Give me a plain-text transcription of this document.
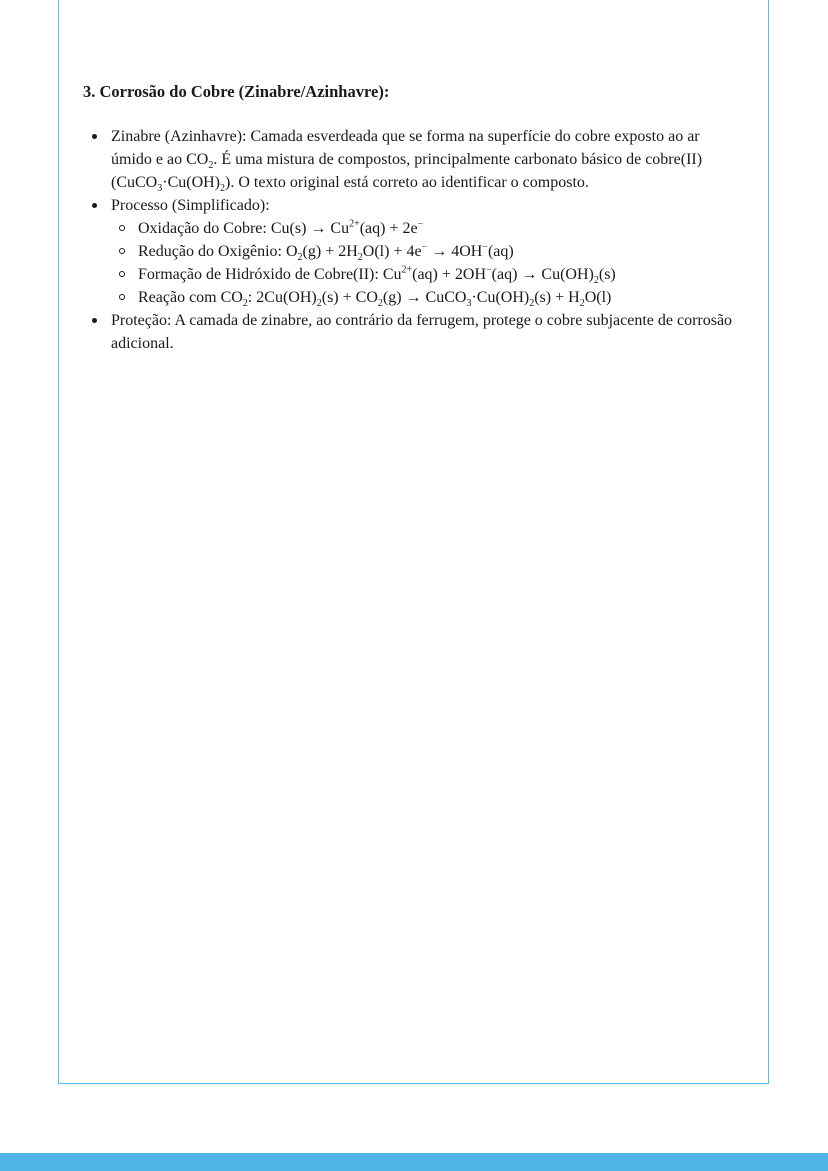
3. Corrosão do Cobre (Zinabre/Azinhavre):
Zinabre (Azinhavre): Camada esverdeada que se forma na superfície do cobre exposto ao ar úmido e ao $CO_2$. É uma mistura de compostos, principalmente carbonato básico de cobre(II) $(CuCO_3\cdot Cu(OH)_2)$. O texto original está correto ao identificar o composto.
Processo (Simplificado):
Oxidação do Cobre: $Cu(s) \to Cu^{2+}(aq) + 2e^-$
Redução do Oxigênio: $O_2(g) + 2H_2O(l) + 4e^- \to 4OH^-(aq)$
Formação de Hidróxido de Cobre(II): $Cu^{2+}(aq) + 2OH^-(aq) \to Cu(OH)_2(s)$
Reação com $CO_2$: $2Cu(OH)_2(s) + CO_2(g)$ → $CuCO_3\cdot Cu(OH)_2(s) + H_2O(l)$
Proteção: A camada de zinabre, ao contrário da ferrugem, protege o cobre subjacente de corrosão adicional.
